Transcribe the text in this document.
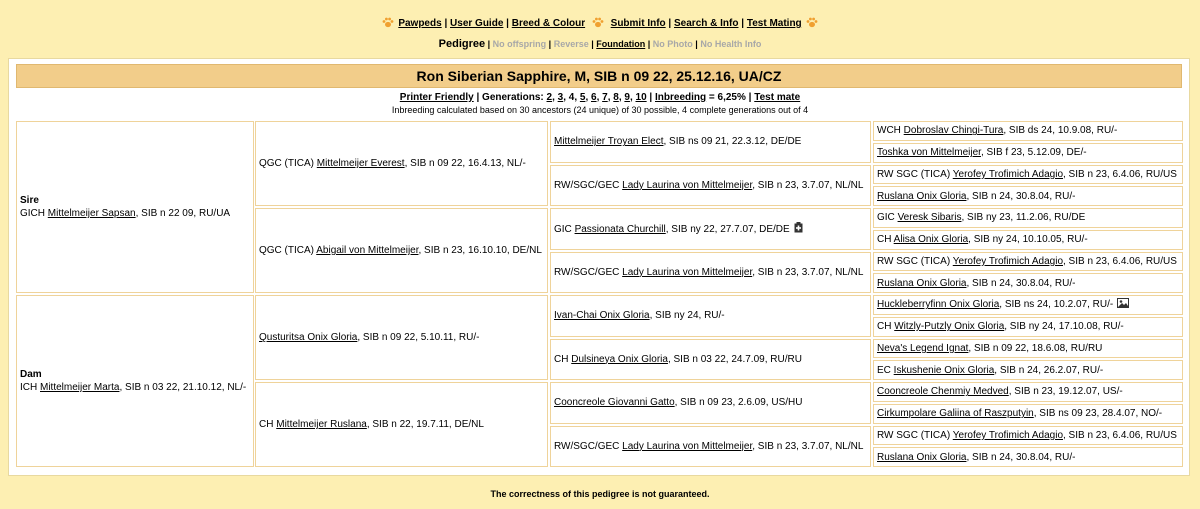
Pawpeds | User Guide | Breed & Colour	Submit Info | Search & Info | Test Mating
Pedigree | No offspring | Reverse | Foundation | No Photo | No Health Info
Ron Siberian Sapphire, M, SIB n 09 22, 25.12.16, UA/CZ
Printer Friendly | Generations: 2, 3, 4, 5, 6, 7, 8, 9, 10 | Inbreeding = 6,25% | Test mate
Inbreeding calculated based on 30 ancestors (24 unique) of 30 possible, 4 complete generations out of 4
Sire
GICH Mittelmeijer Sapsan, SIB n 22 09, RU/UA
Dam
ICH Mittelmeijer Marta, SIB n 03 22, 21.10.12, NL/-
QGC (TICA) Mittelmeijer Everest, SIB n 09 22, 16.4.13, NL/-
QGC (TICA) Abigail von Mittelmeijer, SIB n 23, 16.10.10, DE/NL
Qusturitsa Onix Gloria, SIB n 09 22, 5.10.11, RU/-
CH Mittelmeijer Ruslana, SIB n 22, 19.7.11, DE/NL
Mittelmeijer Troyan Elect, SIB ns 09 21, 22.3.12, DE/DE
RW/SGC/GEC Lady Laurina von Mittelmeijer, SIB n 23, 3.7.07, NL/NL
GIC Passionata Churchill, SIB ny 22, 27.7.07, DE/DE
RW/SGC/GEC Lady Laurina von Mittelmeijer, SIB n 23, 3.7.07, NL/NL
Ivan-Chai Onix Gloria, SIB ny 24, RU/-
CH Dulsineya Onix Gloria, SIB n 03 22, 24.7.09, RU/RU
Cooncreole Giovanni Gatto, SIB n 09 23, 2.6.09, US/HU
RW/SGC/GEC Lady Laurina von Mittelmeijer, SIB n 23, 3.7.07, NL/NL
WCH Dobroslav Chingi-Tura, SIB ds 24, 10.9.08, RU/-
Toshka von Mittelmeijer, SIB f 23, 5.12.09, DE/-
RW SGC (TICA) Yerofey Trofimich Adagio, SIB n 23, 6.4.06, RU/US
Ruslana Onix Gloria, SIB n 24, 30.8.04, RU/-
GIC Veresk Sibaris, SIB ny 23, 11.2.06, RU/DE
CH Alisa Onix Gloria, SIB ny 24, 10.10.05, RU/-
RW SGC (TICA) Yerofey Trofimich Adagio, SIB n 23, 6.4.06, RU/US
Ruslana Onix Gloria, SIB n 24, 30.8.04, RU/-
Huckleberryfinn Onix Gloria, SIB ns 24, 10.2.07, RU/-
CH Witzly-Putzly Onix Gloria, SIB ny 24, 17.10.08, RU/-
Neva's Legend Ignat, SIB n 09 22, 18.6.08, RU/RU
EC Iskushenie Onix Gloria, SIB n 24, 26.2.07, RU/-
Cooncreole Chenmiy Medved, SIB n 23, 19.12.07, US/-
Cirkumpolare Galiina of Raszputyin, SIB ns 09 23, 28.4.07, NO/-
RW SGC (TICA) Yerofey Trofimich Adagio, SIB n 23, 6.4.06, RU/US
Ruslana Onix Gloria, SIB n 24, 30.8.04, RU/-
The correctness of this pedigree is not guaranteed.
